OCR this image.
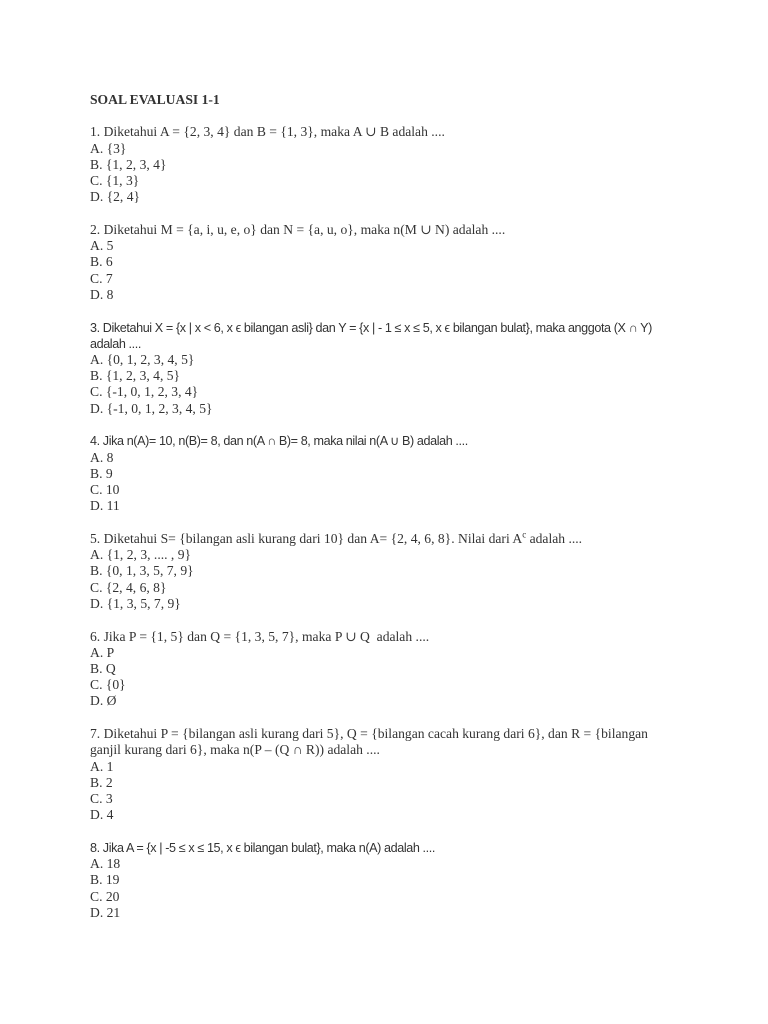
SOAL EVALUASI 1-1
1. Diketahui A = {2, 3, 4} dan B = {1, 3}, maka A ∪ B adalah ....
A. {3}
B. {1, 2, 3, 4}
C. {1, 3}
D. {2, 4}
2. Diketahui M = {a, i, u, e, o} dan N = {a, u, o}, maka n(M ∪ N) adalah ....
A. 5
B. 6
C. 7
D. 8
3. Diketahui X = {x | x < 6, x ϵ bilangan asli} dan Y = {x | - 1 ≤ x ≤ 5, x ϵ bilangan bulat}, maka anggota (X ∩ Y) adalah ....
A. {0, 1, 2, 3, 4, 5}
B. {1, 2, 3, 4, 5}
C. {-1, 0, 1, 2, 3, 4}
D. {-1, 0, 1, 2, 3, 4, 5}
4. Jika n(A)= 10, n(B)= 8, dan n(A ∩ B)= 8, maka nilai n(A ∪ B) adalah ....
A. 8
B. 9
C. 10
D. 11
5. Diketahui S= {bilangan asli kurang dari 10} dan A= {2, 4, 6, 8}. Nilai dari $A^c$ adalah ....
A. {1, 2, 3, .... , 9}
B. {0, 1, 3, 5, 7, 9}
C. {2, 4, 6, 8}
D. {1, 3, 5, 7, 9}
6. Jika P = {1, 5} dan Q = {1, 3, 5, 7}, maka P ∪ Q  adalah ....
A. P
B. Q
C. {0}
D. Ø
7. Diketahui P = {bilangan asli kurang dari 5}, Q = {bilangan cacah kurang dari 6}, dan R = {bilangan ganjil kurang dari 6}, maka n(P – (Q ∩ R)) adalah ....
A. 1
B. 2
C. 3
D. 4
8. Jika A = {x | -5 ≤ x ≤ 15, x ϵ bilangan bulat}, maka n(A) adalah ....
A. 18
B. 19
C. 20
D. 21
